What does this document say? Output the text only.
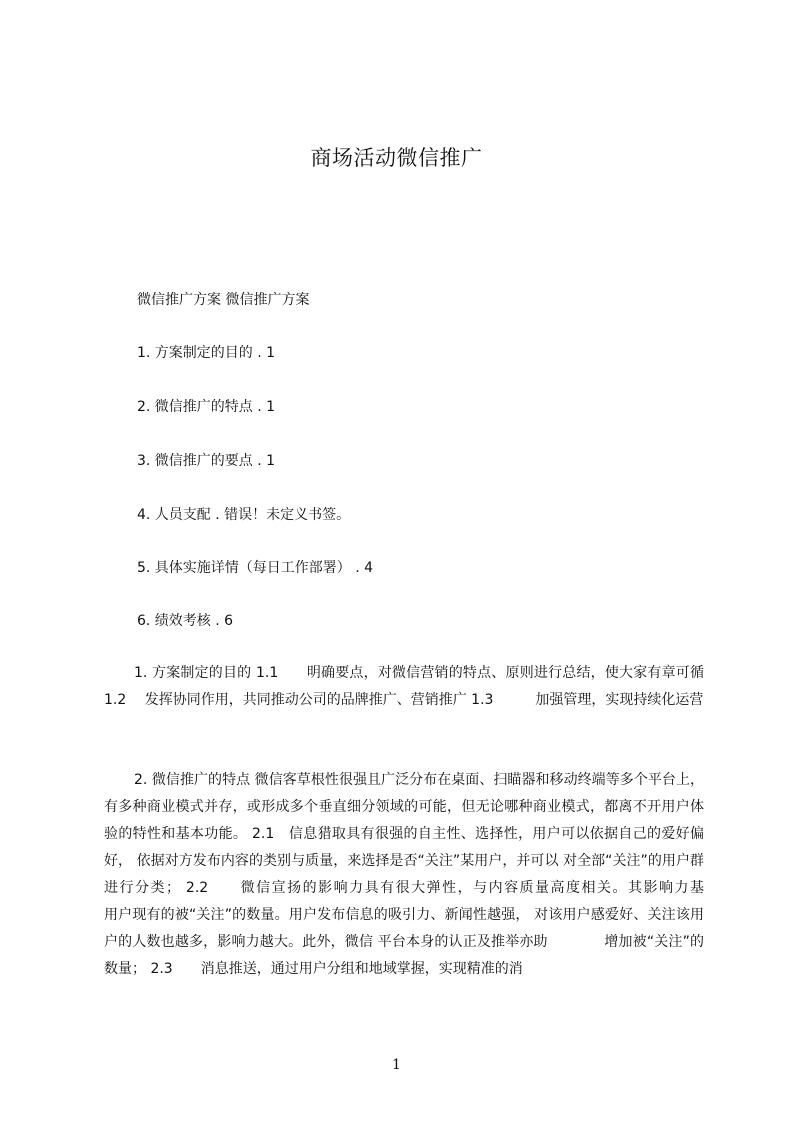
商场活动微信推广
微信推广方案 微信推广方案
1. 方案制定的目的 . 1
2. 微信推广的特点 . 1
3. 微信推广的要点 . 1
4. 人员支配 . 错误！未定义书签。
5. 具体实施详情（每日工作部署） . 4
6. 绩效考核 . 6
1. 方案制定的目的 1.1　　明确要点，对微信营销的特点、原则进行总结，使大家有章可循 1.2　 发挥协同作用，共同推动公司的品牌推广、营销推广 1.3　　　加强管理，实现持续化运营
2. 微信推广的特点 微信客草根性很强且广泛分布在桌面、扫瞄器和移动终端等多个平台上，有多种商业模式并存，或形成多个垂直细分领域的可能，但无论哪种商业模式，都离不开用户体验的特性和基本功能。 2.1　信息猎取具有很强的自主性、选择性，用户可以依据自己的爱好偏好， 依据对方发布内容的类别与质量，来选择是否“关注”某用户，并可以 对全部“关注”的用户群进行分类； 2.2　　微信宣扬的影响力具有很大弹性，与内容质量高度相关。其影响力基　　　　　用户现有的被“关注”的数量。用户发布信息的吸引力、新闻性越强， 对该用户感爱好、关注该用户的人数也越多，影响力越大。此外，微信 平台本身的认正及推举亦助　　　　增加被“关注”的数量； 2.3　　消息推送，通过用户分组和地域掌握，实现精准的消
1
